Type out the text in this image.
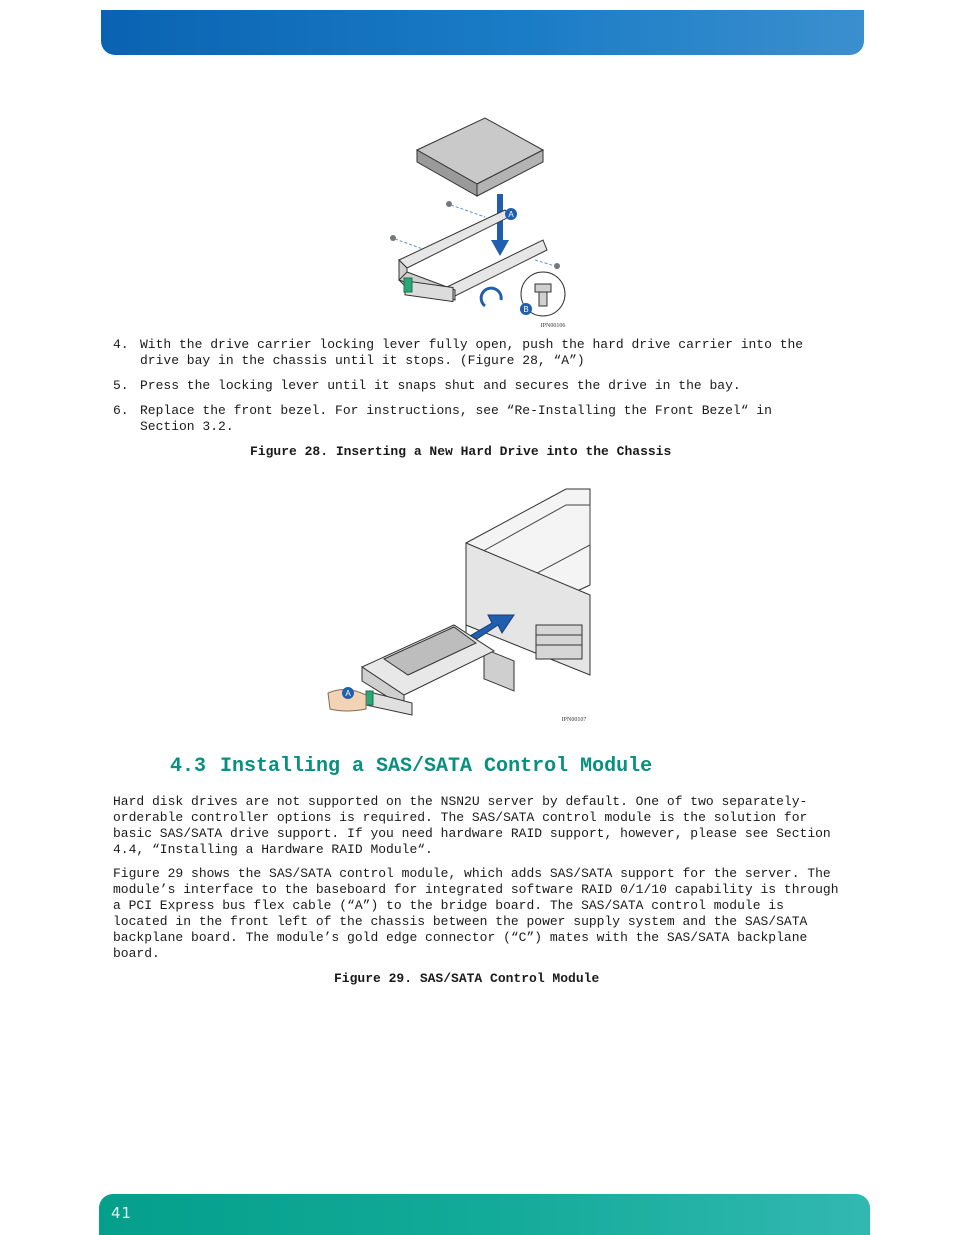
A
B
IPN00106
4. With the drive carrier locking lever fully open, push the hard drive carrier into the drive bay in the chassis until it stops. (Figure 28, “A”)
5. Press the locking lever until it snaps shut and secures the drive in the bay.
6. Replace the front bezel. For instructions, see “Re-Installing the Front Bezel“ in Section 3.2.
Figure 28. Inserting a New Hard Drive into the Chassis
A
IPN00107
4.3 Installing a SAS/SATA Control Module

Hard disk drives are not supported on the NSN2U server by default. One of two separately-orderable controller options is required. The SAS/SATA control module is the solution for basic SAS/SATA drive support. If you need hardware RAID support, however, please see Section 4.4, “Installing a Hardware RAID Module“.

Figure 29 shows the SAS/SATA control module, which adds SAS/SATA support for the server. The module’s interface to the baseboard for integrated software RAID 0/1/10 capability is through a PCI Express bus flex cable (“A”) to the bridge board. The SAS/SATA control module is located in the front left of the chassis between the power supply system and the SAS/SATA backplane board. The module’s gold edge connector (“C”) mates with the SAS/SATA backplane board.

Figure 29. SAS/SATA Control Module
41
